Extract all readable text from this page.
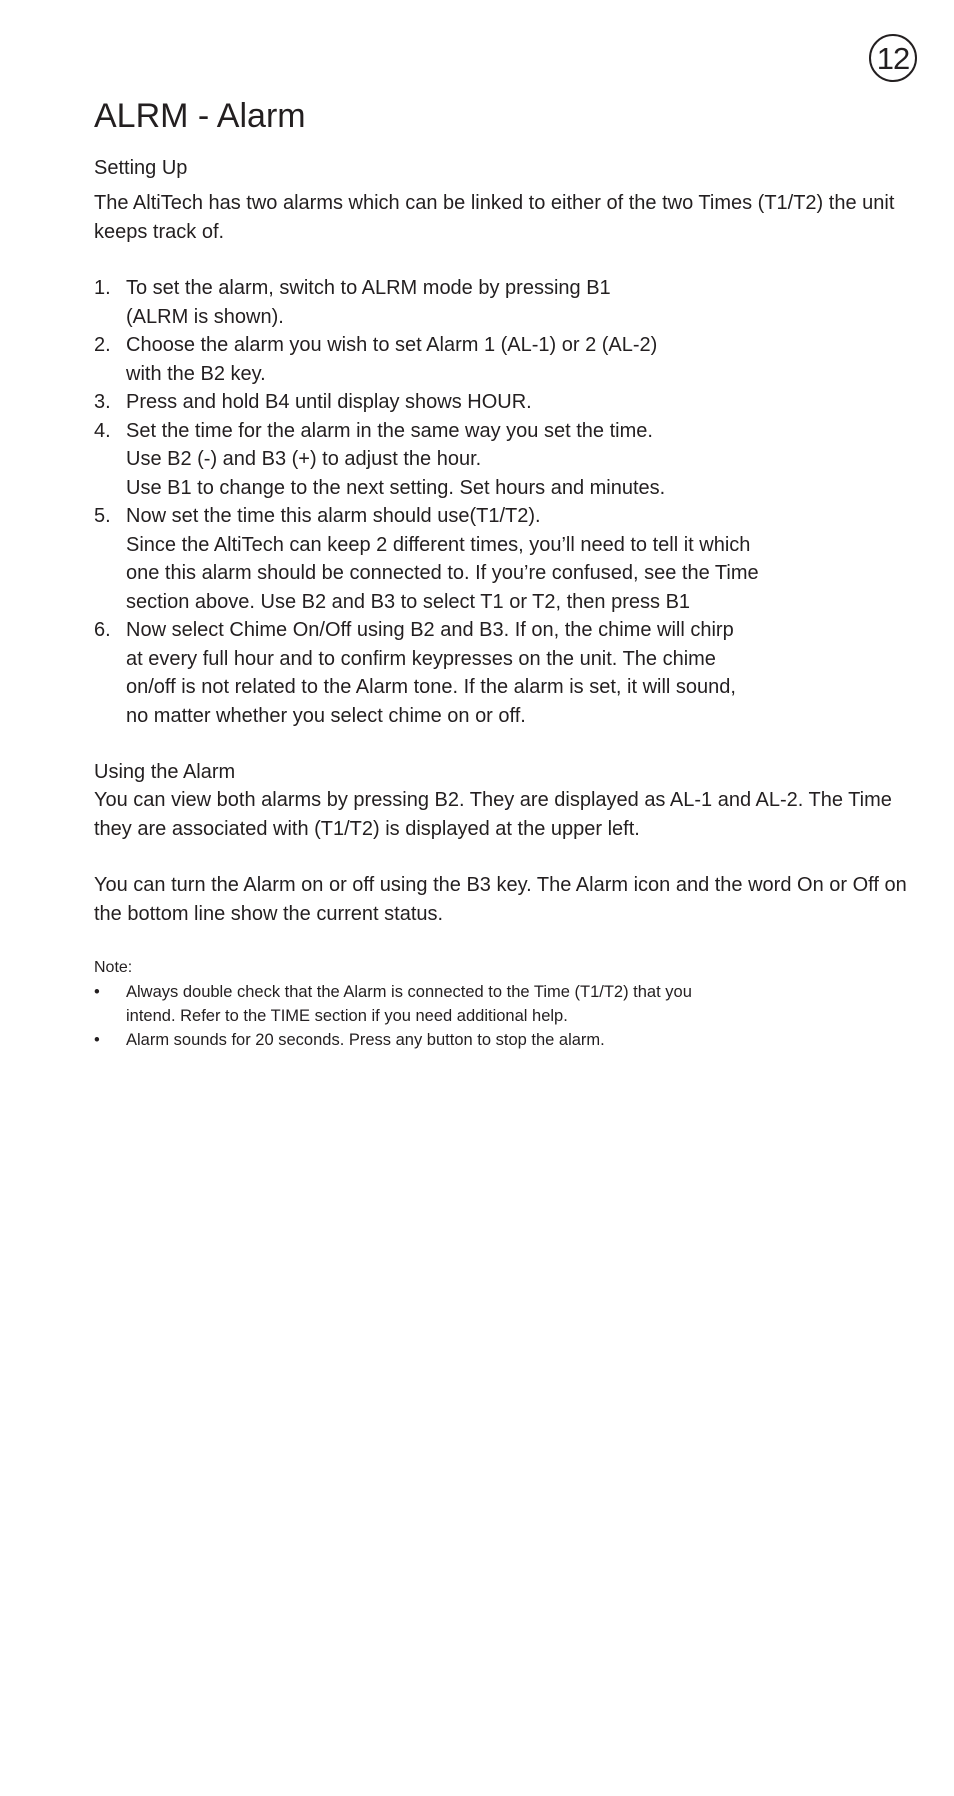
12
ALRM - Alarm

Setting Up

The AltiTech has two alarms which can be linked to either of the two Times (T1/T2) the unit keeps track of.

1. To set the alarm, switch to ALRM mode by pressing B1
(ALRM is shown).
2. Choose the alarm you wish to set Alarm 1 (AL-1) or 2 (AL-2)
with the B2 key.
3. Press and hold B4 until display shows HOUR.
4. Set the time for the alarm in the same way you set the time.
Use B2 (-) and B3 (+) to adjust the hour.
Use B1 to change to the next setting. Set hours and minutes.
5. Now set the time this alarm should use(T1/T2).
Since the AltiTech can keep 2 different times, you’ll need to tell it which
one this alarm should be connected to. If you’re confused, see the Time
section above. Use B2 and B3 to select T1 or T2, then press B1
6. Now select Chime On/Off using B2 and B3. If on, the chime will chirp
at every full hour and to confirm keypresses on the unit. The chime
on/off is not related to the Alarm tone. If the alarm is set, it will sound,
no matter whether you select chime on or off.

Using the Alarm

You can view both alarms by pressing B2. They are displayed as AL-1 and AL-2. The Time they are associated with (T1/T2) is displayed at the upper left.

You can turn the Alarm on or off using the B3 key. The Alarm icon and the word On or Off on the bottom line show the current status.

Note:
•	Always double check that the Alarm is connected to the Time (T1/T2) that you
intend. Refer to the TIME section if you need additional help.
•	Alarm sounds for 20 seconds. Press any button to stop the alarm.
